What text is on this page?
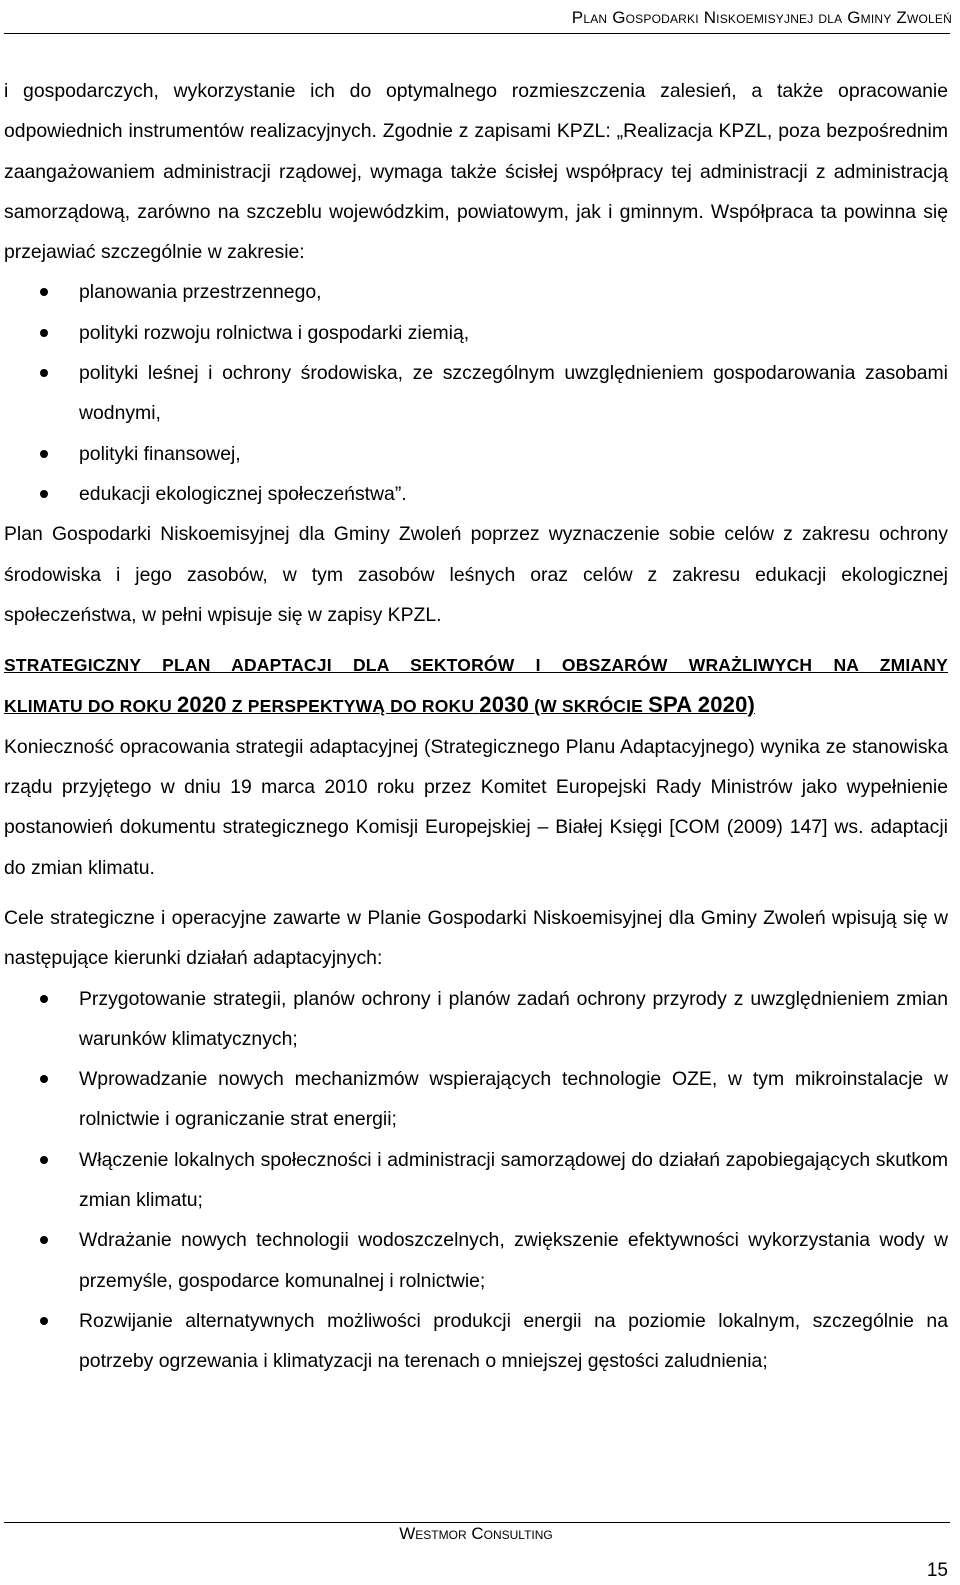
Plan Gospodarki Niskoemisyjnej dla Gminy Zwoleń

i gospodarczych, wykorzystanie ich do optymalnego rozmieszczenia zalesień, a także opracowanie odpowiednich instrumentów realizacyjnych. Zgodnie z zapisami KPZL: „Realizacja KPZL, poza bezpośrednim zaangażowaniem administracji rządowej, wymaga także ścisłej współpracy tej administracji z administracją samorządową, zarówno na szczeblu wojewódzkim, powiatowym, jak i gminnym. Współpraca ta powinna się przejawiać szczególnie w zakresie:

planowania przestrzennego,
polityki rozwoju rolnictwa i gospodarki ziemią,
polityki leśnej i ochrony środowiska, ze szczególnym uwzględnieniem gospodarowania zasobami wodnymi,
polityki finansowej,
edukacji ekologicznej społeczeństwa”.

Plan Gospodarki Niskoemisyjnej dla Gminy Zwoleń poprzez wyznaczenie sobie celów z zakresu ochrony środowiska i jego zasobów, w tym zasobów leśnych oraz celów z zakresu edukacji ekologicznej społeczeństwa, w pełni wpisuje się w zapisy KPZL.

STRATEGICZNY PLAN ADAPTACJI DLA SEKTORÓW I OBSZARÓW WRAŻLIWYCH NA ZMIANY

KLIMATU DO ROKU 2020 Z PERSPEKTYWĄ DO ROKU 2030 (W SKRÓCIE SPA 2020)

Konieczność opracowania strategii adaptacyjnej (Strategicznego Planu Adaptacyjnego) wynika ze stanowiska rządu przyjętego w dniu 19 marca 2010 roku przez Komitet Europejski Rady Ministrów jako wypełnienie postanowień dokumentu strategicznego Komisji Europejskiej – Białej Księgi [COM (2009) 147] ws. adaptacji do zmian klimatu.

Cele strategiczne i operacyjne zawarte w Planie Gospodarki Niskoemisyjnej dla Gminy Zwoleń wpisują się w następujące kierunki działań adaptacyjnych:

Przygotowanie strategii, planów ochrony i planów zadań ochrony przyrody z uwzględnieniem zmian warunków klimatycznych;
Wprowadzanie nowych mechanizmów wspierających technologie OZE, w tym mikroinstalacje w rolnictwie i ograniczanie strat energii;
Włączenie lokalnych społeczności i administracji samorządowej do działań zapobiegających skutkom zmian klimatu;
Wdrażanie nowych technologii wodoszczelnych, zwiększenie efektywności wykorzystania wody w przemyśle, gospodarce komunalnej i rolnictwie;
Rozwijanie alternatywnych możliwości produkcji energii na poziomie lokalnym, szczególnie na potrzeby ogrzewania i klimatyzacji na terenach o mniejszej gęstości zaludnienia;
Westmor Consulting
15
